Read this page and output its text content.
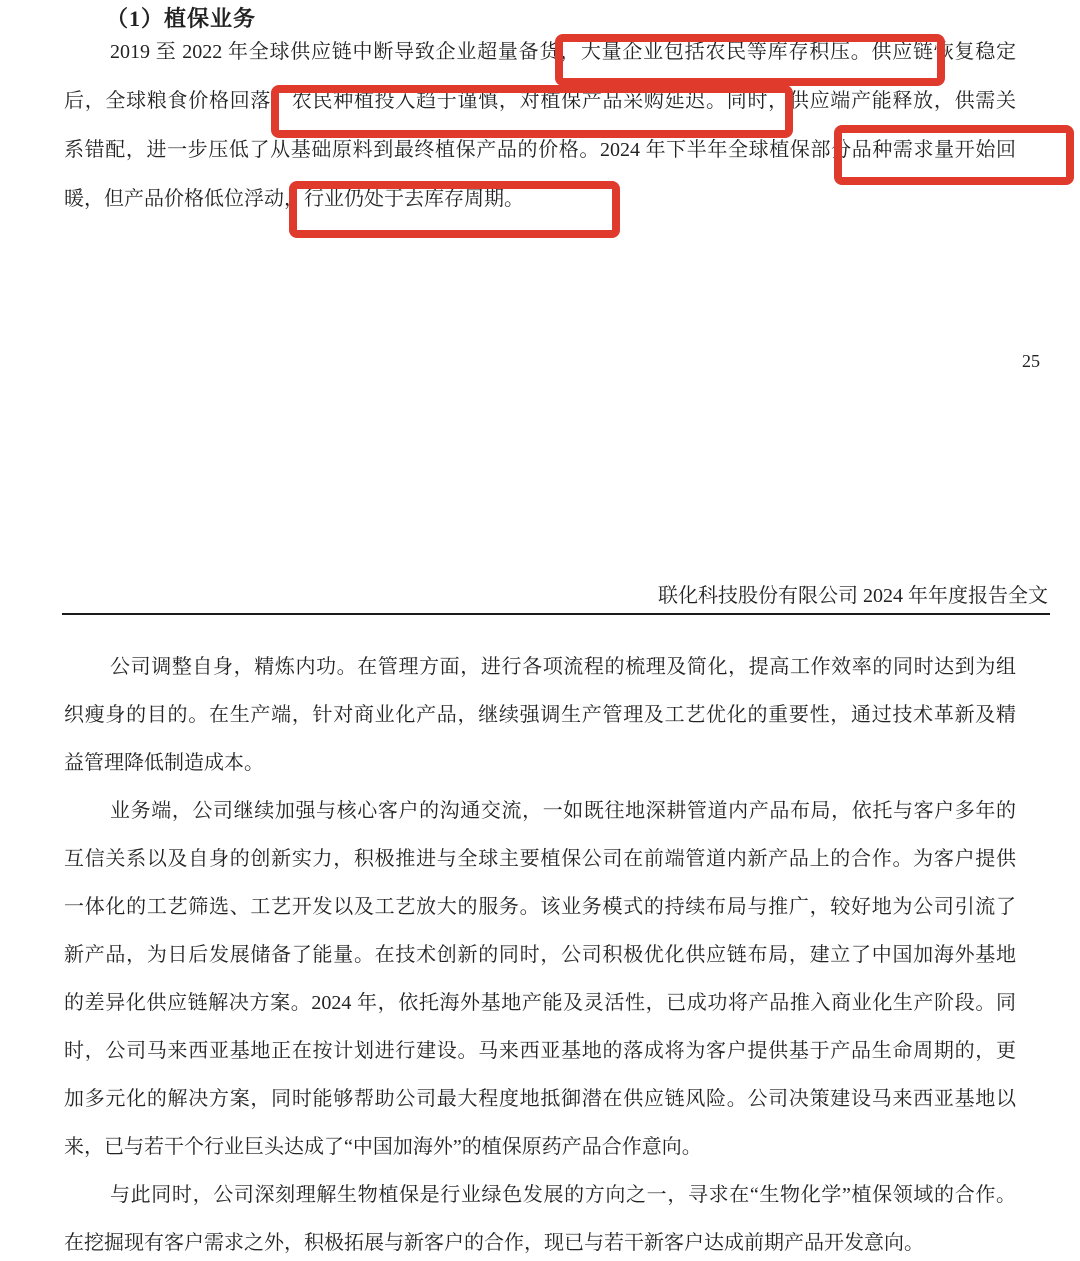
（1）植保业务
2019 至 2022 年全球供应链中断导致企业超量备货，大量企业包括农民等库存积压。供应链恢复稳定
后，全球粮食价格回落，农民种植投入趋于谨慎，对植保产品采购延迟。同时，供应端产能释放，供需关
系错配，进一步压低了从基础原料到最终植保产品的价格。2024 年下半年全球植保部分品种需求量开始回
暖，但产品价格低位浮动，行业仍处于去库存周期。
25
联化科技股份有限公司 2024 年年度报告全文
公司调整自身，精炼内功。在管理方面，进行各项流程的梳理及简化，提高工作效率的同时达到为组
织瘦身的目的。在生产端，针对商业化产品，继续强调生产管理及工艺优化的重要性，通过技术革新及精
益管理降低制造成本。
业务端，公司继续加强与核心客户的沟通交流，一如既往地深耕管道内产品布局，依托与客户多年的
互信关系以及自身的创新实力，积极推进与全球主要植保公司在前端管道内新产品上的合作。为客户提供
一体化的工艺筛选、工艺开发以及工艺放大的服务。该业务模式的持续布局与推广，较好地为公司引流了
新产品，为日后发展储备了能量。在技术创新的同时，公司积极优化供应链布局，建立了中国加海外基地
的差异化供应链解决方案。2024 年，依托海外基地产能及灵活性，已成功将产品推入商业化生产阶段。同
时，公司马来西亚基地正在按计划进行建设。马来西亚基地的落成将为客户提供基于产品生命周期的，更
加多元化的解决方案，同时能够帮助公司最大程度地抵御潜在供应链风险。公司决策建设马来西亚基地以
来，已与若干个行业巨头达成了“中国加海外”的植保原药产品合作意向。
与此同时，公司深刻理解生物植保是行业绿色发展的方向之一，寻求在“生物化学”植保领域的合作。
在挖掘现有客户需求之外，积极拓展与新客户的合作，现已与若干新客户达成前期产品开发意向。
